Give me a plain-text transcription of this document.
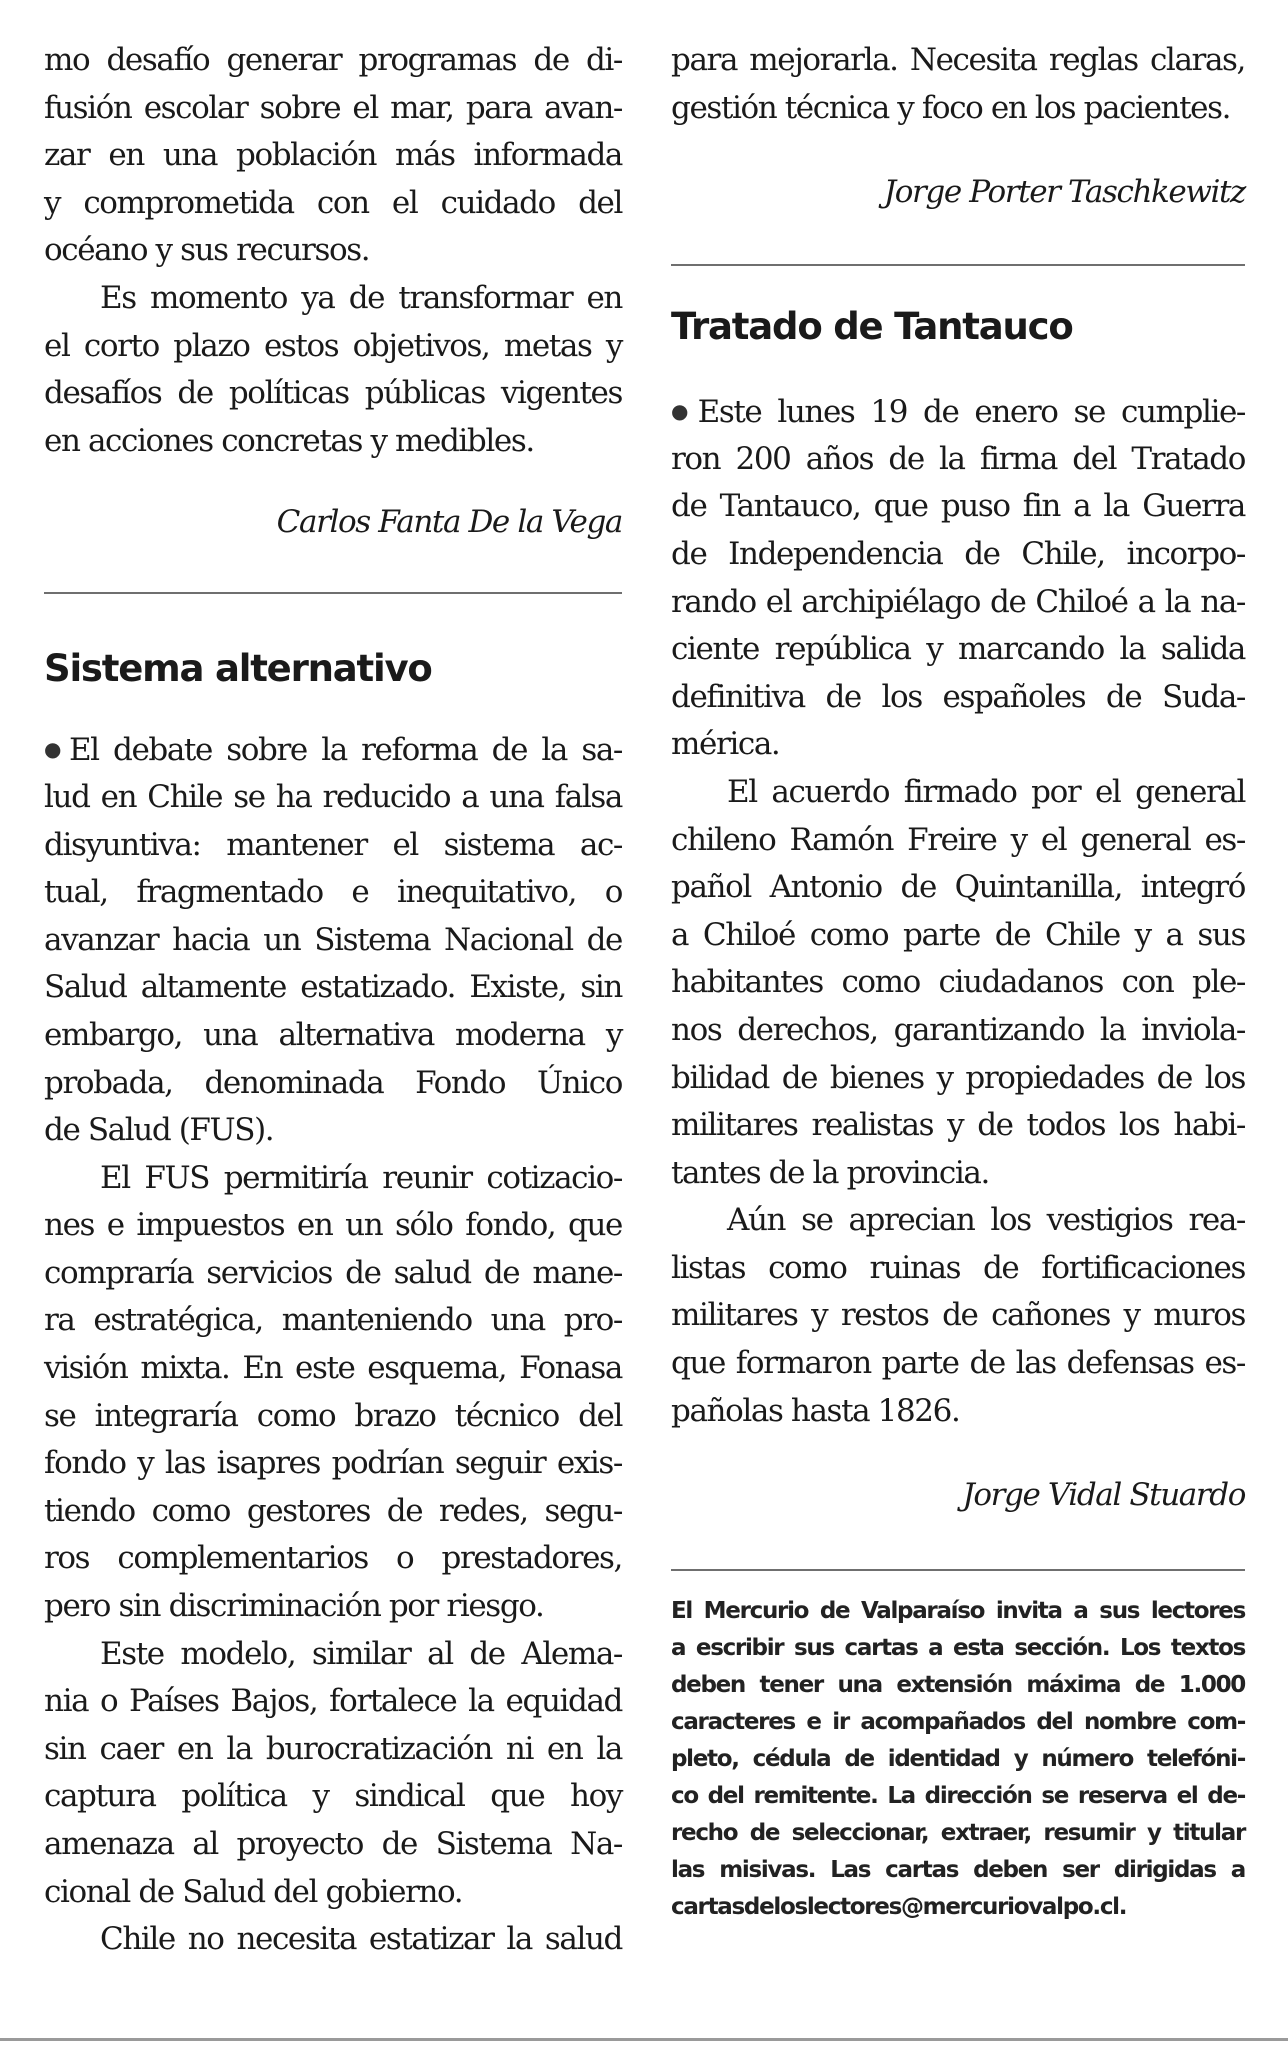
mo desafío generar programas de di-
fusión escolar sobre el mar, para avan-
zar en una población más informada
y comprometida con el cuidado del
océano y sus recursos.
Es momento ya de transformar en
el corto plazo estos objetivos, metas y
desafíos de políticas públicas vigentes
en acciones concretas y medibles.
Carlos Fanta De la Vega
Sistema alternativo
● El debate sobre la reforma de la sa-
lud en Chile se ha reducido a una falsa
disyuntiva: mantener el sistema ac-
tual, fragmentado e inequitativo, o
avanzar hacia un Sistema Nacional de
Salud altamente estatizado. Existe, sin
embargo, una alternativa moderna y
probada, denominada Fondo Único
de Salud (FUS).
El FUS permitiría reunir cotizacio-
nes e impuestos en un sólo fondo, que
compraría servicios de salud de mane-
ra estratégica, manteniendo una pro-
visión mixta. En este esquema, Fonasa
se integraría como brazo técnico del
fondo y las isapres podrían seguir exis-
tiendo como gestores de redes, segu-
ros complementarios o prestadores,
pero sin discriminación por riesgo.
Este modelo, similar al de Alema-
nia o Países Bajos, fortalece la equidad
sin caer en la burocratización ni en la
captura política y sindical que hoy
amenaza al proyecto de Sistema Na-
cional de Salud del gobierno.
Chile no necesita estatizar la salud
para mejorarla. Necesita reglas claras,
gestión técnica y foco en los pacientes.
Jorge Porter Taschkewitz
Tratado de Tantauco
● Este lunes 19 de enero se cumplie-
ron 200 años de la firma del Tratado
de Tantauco, que puso fin a la Guerra
de Independencia de Chile, incorpo-
rando el archipiélago de Chiloé a la na-
ciente república y marcando la salida
definitiva de los españoles de Suda-
mérica.
El acuerdo firmado por el general
chileno Ramón Freire y el general es-
pañol Antonio de Quintanilla, integró
a Chiloé como parte de Chile y a sus
habitantes como ciudadanos con ple-
nos derechos, garantizando la inviola-
bilidad de bienes y propiedades de los
militares realistas y de todos los habi-
tantes de la provincia.
Aún se aprecian los vestigios rea-
listas como ruinas de fortificaciones
militares y restos de cañones y muros
que formaron parte de las defensas es-
pañolas hasta 1826.
Jorge Vidal Stuardo
El Mercurio de Valparaíso invita a sus lectores
a escribir sus cartas a esta sección. Los textos
deben tener una extensión máxima de 1.000
caracteres e ir acompañados del nombre com-
pleto, cédula de identidad y número telefóni-
co del remitente. La dirección se reserva el de-
recho de seleccionar, extraer, resumir y titular
las misivas. Las cartas deben ser dirigidas a
cartasdeloslectores@mercuriovalpo.cl.
